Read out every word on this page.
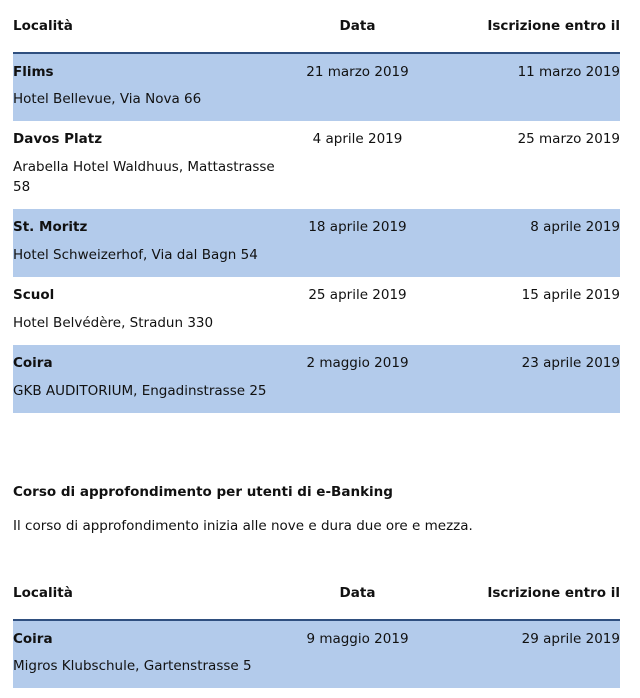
Località	Data	Iscrizione entro il
Flims	21 marzo 2019	11 marzo 2019

Hotel Bellevue, Via Nova 66		

Davos Platz	4 aprile 2019	25 marzo 2019

Arabella Hotel Waldhuus, Mattastrasse 58		

St. Moritz	18 aprile 2019	8 aprile 2019

Hotel Schweizerhof, Via dal Bagn 54		

Scuol	25 aprile 2019	15 aprile 2019

Hotel Belvédère, Stradun 330		

Coira	2 maggio 2019	23 aprile 2019

GKB AUDITORIUM, Engadinstrasse 25		
Corso di approfondimento per utenti di e-Banking

Il corso di approfondimento inizia alle nove e dura due ore e mezza.

Località	Data	Iscrizione entro il
Coira	9 maggio 2019	29 aprile 2019

Migros Klubschule, Gartenstrasse 5		
